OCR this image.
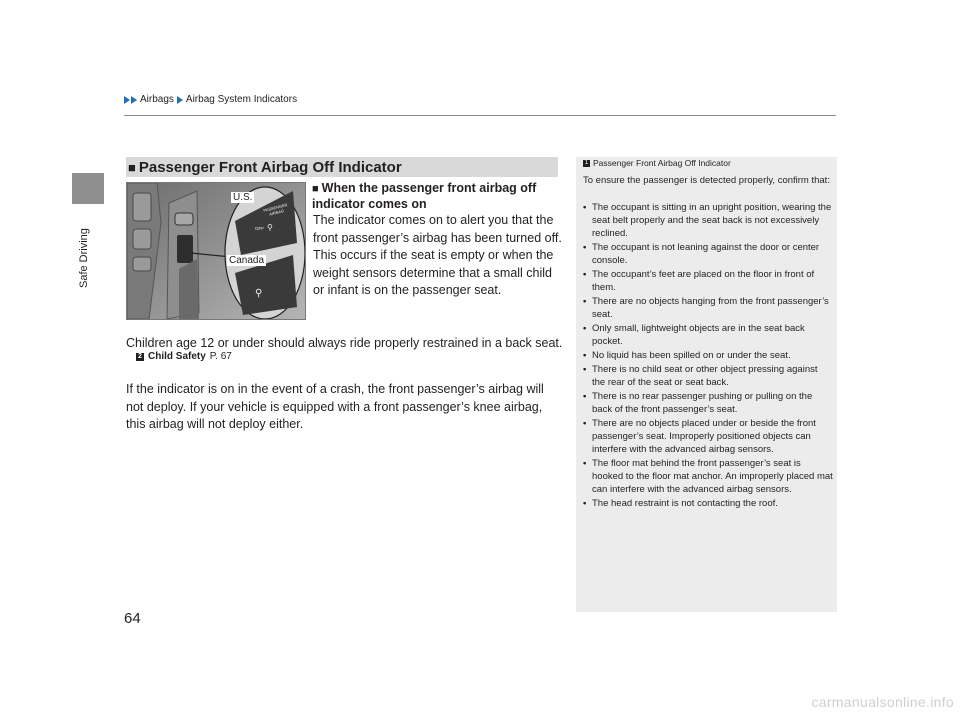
Airbags Airbag System Indicators
Safe Driving
■ Passenger Front Airbag Off Indicator
PASSENGER AIRBAG
OFF ⚲
⚲
U.S.
Canada
■ When the passenger front airbag off indicator comes on
The indicator comes on to alert you that the front passenger’s airbag has been turned off. This occurs if the seat is empty or when the weight sensors determine that a small child or infant is on the passenger seat.
Children age 12 or under should always ride properly restrained in a back seat.
2 Child Safety P. 67
If the indicator is on in the event of a crash, the front passenger’s airbag will not deploy. If your vehicle is equipped with a front passenger’s knee airbag, this airbag will not deploy either.
1 Passenger Front Airbag Off Indicator
To ensure the passenger is detected properly, confirm that:
• The occupant is sitting in an upright position, wearing the seat belt properly and the seat back is not excessively reclined.
• The occupant is not leaning against the door or center console.
• The occupant’s feet are placed on the floor in front of them.
• There are no objects hanging from the front passenger’s seat.
• Only small, lightweight objects are in the seat back pocket.
• No liquid has been spilled on or under the seat.
• There is no child seat or other object pressing against the rear of the seat or seat back.
• There is no rear passenger pushing or pulling on the back of the front passenger’s seat.
• There are no objects placed under or beside the front passenger’s seat. Improperly positioned objects can interfere with the advanced airbag sensors.
• The floor mat behind the front passenger’s seat is hooked to the floor mat anchor. An improperly placed mat can interfere with the advanced airbag sensors.
• The head restraint is not contacting the roof.
64
carmanualsonline.info
